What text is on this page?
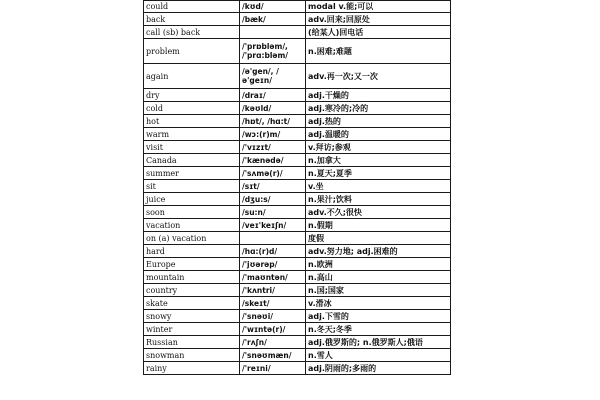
could	/kʊd/	modal v.能;可以
back	/bæk/	adv.回来;回原处
call (sb) back		(给某人)回电话
problem	/'prɒbləm/, /'prɑ:bləm/	n.困难;难题
again	/ə'gen/, /ə'geɪn/	adv.再一次;又一次
dry	/draɪ/	adj.干燥的
cold	/kəʊld/	adj.寒冷的;冷的
hot	/hɒt/, /hɑ:t/	adj.热的
warm	/wɔ:(r)m/	adj.温暖的
visit	/'vɪzɪt/	v.拜访;参观
Canada	/'kænədə/	n.加拿大
summer	/'sʌmə(r)/	n.夏天;夏季
sit	/sɪt/	v.坐
juice	/dʒu:s/	n.果汁;饮料
soon	/su:n/	adv.不久;很快
vacation	/veɪ'keɪʃn/	n.假期
on (a) vacation		度假
hard	/hɑ:(r)d/	adv.努力地; adj.困难的
Europe	/'jʊərəp/	n.欧洲
mountain	/'maʊntən/	n.高山
country	/'kʌntri/	n.国;国家
skate	/skeɪt/	v.滑冰
snowy	/'snəʊi/	adj.下雪的
winter	/'wɪntə(r)/	n.冬天;冬季
Russian	/'rʌʃn/	adj.俄罗斯的; n.俄罗斯人;俄语
snowman	/'snəʊmæn/	n.雪人
rainy	/'reɪni/	adj.阴雨的;多雨的
